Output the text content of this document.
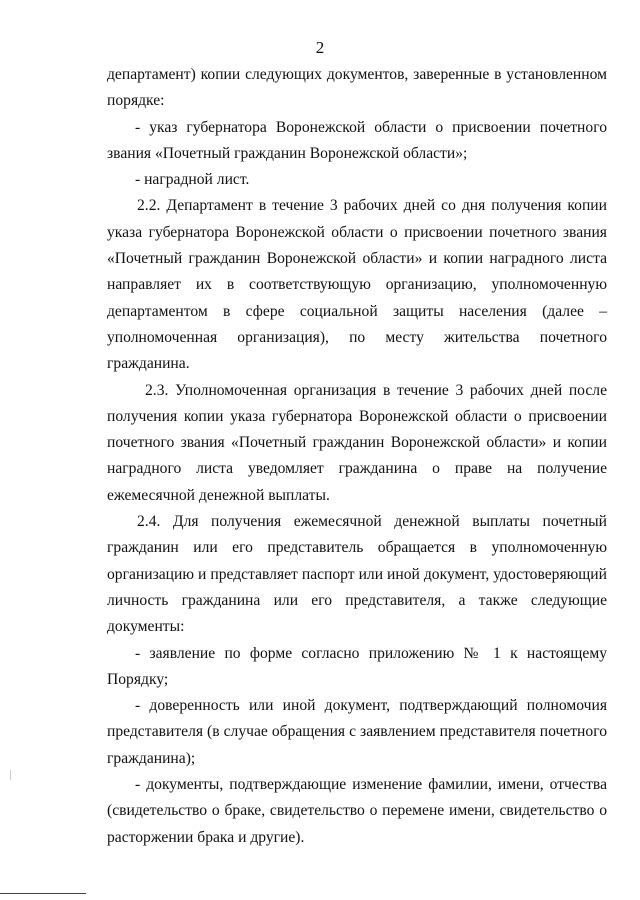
2

департамент) копии следующих документов, заверенные в установленном порядке:

- указ губернатора Воронежской области о присвоении почетного звания «Почетный гражданин Воронежской области»;

- наградной лист.

2.2. Департамент в течение 3 рабочих дней со дня получения копии указа губернатора Воронежской области о присвоении почетного звания «Почетный гражданин Воронежской области» и копии наградного листа направляет их в соответствующую организацию, уполномоченную департаментом в сфере социальной защиты населения (далее – уполномоченная организация), по месту жительства почетного гражданина.

2.3. Уполномоченная организация в течение 3 рабочих дней после получения копии указа губернатора Воронежской области о присвоении почетного звания «Почетный гражданин Воронежской области» и копии наградного листа уведомляет гражданина о праве на получение ежемесячной денежной выплаты.

2.4. Для получения ежемесячной денежной выплаты почетный гражданин или его представитель обращается в уполномоченную организацию и представляет паспорт или иной документ, удостоверяющий личность гражданина или его представителя, а также следующие документы:

- заявление по форме согласно приложению № 1 к настоящему Порядку;

- доверенность или иной документ, подтверждающий полномочия представителя (в случае обращения с заявлением представителя почетного гражданина);

- документы, подтверждающие изменение фамилии, имени, отчества (свидетельство о браке, свидетельство о перемене имени, свидетельство о расторжении брака и другие).
